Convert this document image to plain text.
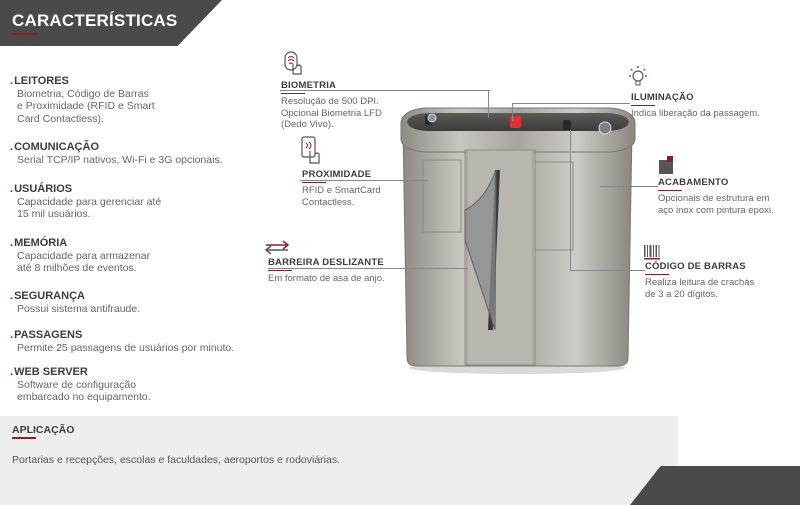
CARACTERÍSTICAS
.LEITORES
Biometria, Código de Barras
e Proximidade (RFID e Smart
Card Contactless).
.COMUNICAÇÃO
Serial TCP/IP nativos, Wi-Fi e 3G opcionais.
.USUÁRIOS
Capacidade para gerenciar até
15 mil usuários.
.MEMÓRIA
Capacidade para armazenar
até 8 milhões de eventos.
.SEGURANÇA
Possui sistema antifraude.
.PASSAGENS
Permite 25 passagens de usuários por minuto.
.WEB SERVER
Software de configuração
embarcado no equipamento.
BIOMETRIA
Resolução de 500 DPI.
Opcional Biometria LFD
(Dedo Vivo).
PROXIMIDADE
RFID e SmartCard
Contactless.
BARREIRA DESLIZANTE
Em formato de asa de anjo.
ILUMINAÇÃO
Indica liberação da passagem.
ACABAMENTO
Opcionais de estrutura em
aço inox com pintura epoxi.
CÓDIGO DE BARRAS
Realiza leitura de crachás
de 3 a 20 dígitos.
APLICAÇÃO
Portarias e recepções, escolas e faculdades, aeroportos e rodoviárias.
